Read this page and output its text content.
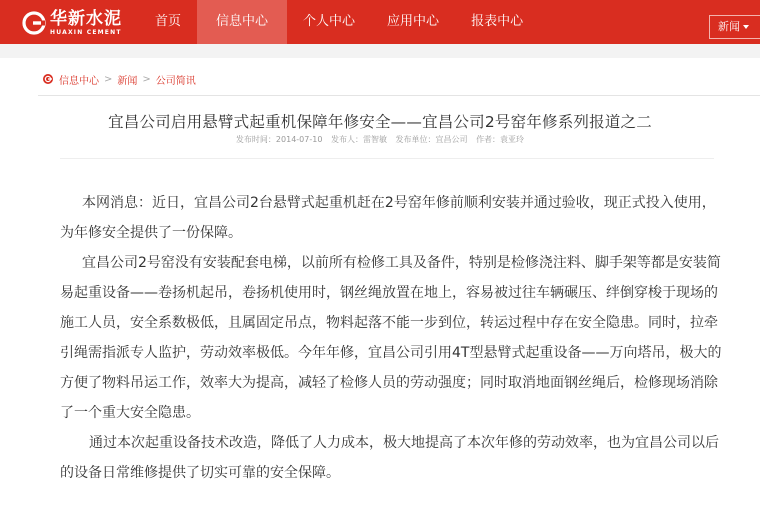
华新水泥
HUAXIN CEMENT
首页	信息中心	个人中心	应用中心	报表中心	新闻
信息中心 > 新闻 > 公司简讯
宜昌公司启用悬臂式起重机保障年修安全——宜昌公司2号窑年修系列报道之二
发布时间：2014-07-10 发布人：雷智敏 发布单位：宜昌公司 作者：袁亚玲

本网消息：近日，宜昌公司2台悬臂式起重机赶在2号窑年修前顺利安装并通过验收，现正式投入使用，为年修安全提供了一份保障。

宜昌公司2号窑没有安装配套电梯，以前所有检修工具及备件，特别是检修浇注料、脚手架等都是安装简易起重设备——卷扬机起吊，卷扬机使用时，钢丝绳放置在地上，容易被过往车辆碾压、绊倒穿梭于现场的施工人员，安全系数极低，且属固定吊点，物料起落不能一步到位，转运过程中存在安全隐患。同时，拉牵引绳需指派专人监护，劳动效率极低。今年年修，宜昌公司引用4T型悬臂式起重设备——万向塔吊，极大的方便了物料吊运工作，效率大为提高，减轻了检修人员的劳动强度；同时取消地面钢丝绳后，检修现场消除了一个重大安全隐患。

通过本次起重设备技术改造，降低了人力成本，极大地提高了本次年修的劳动效率，也为宜昌公司以后的设备日常维修提供了切实可靠的安全保障。
